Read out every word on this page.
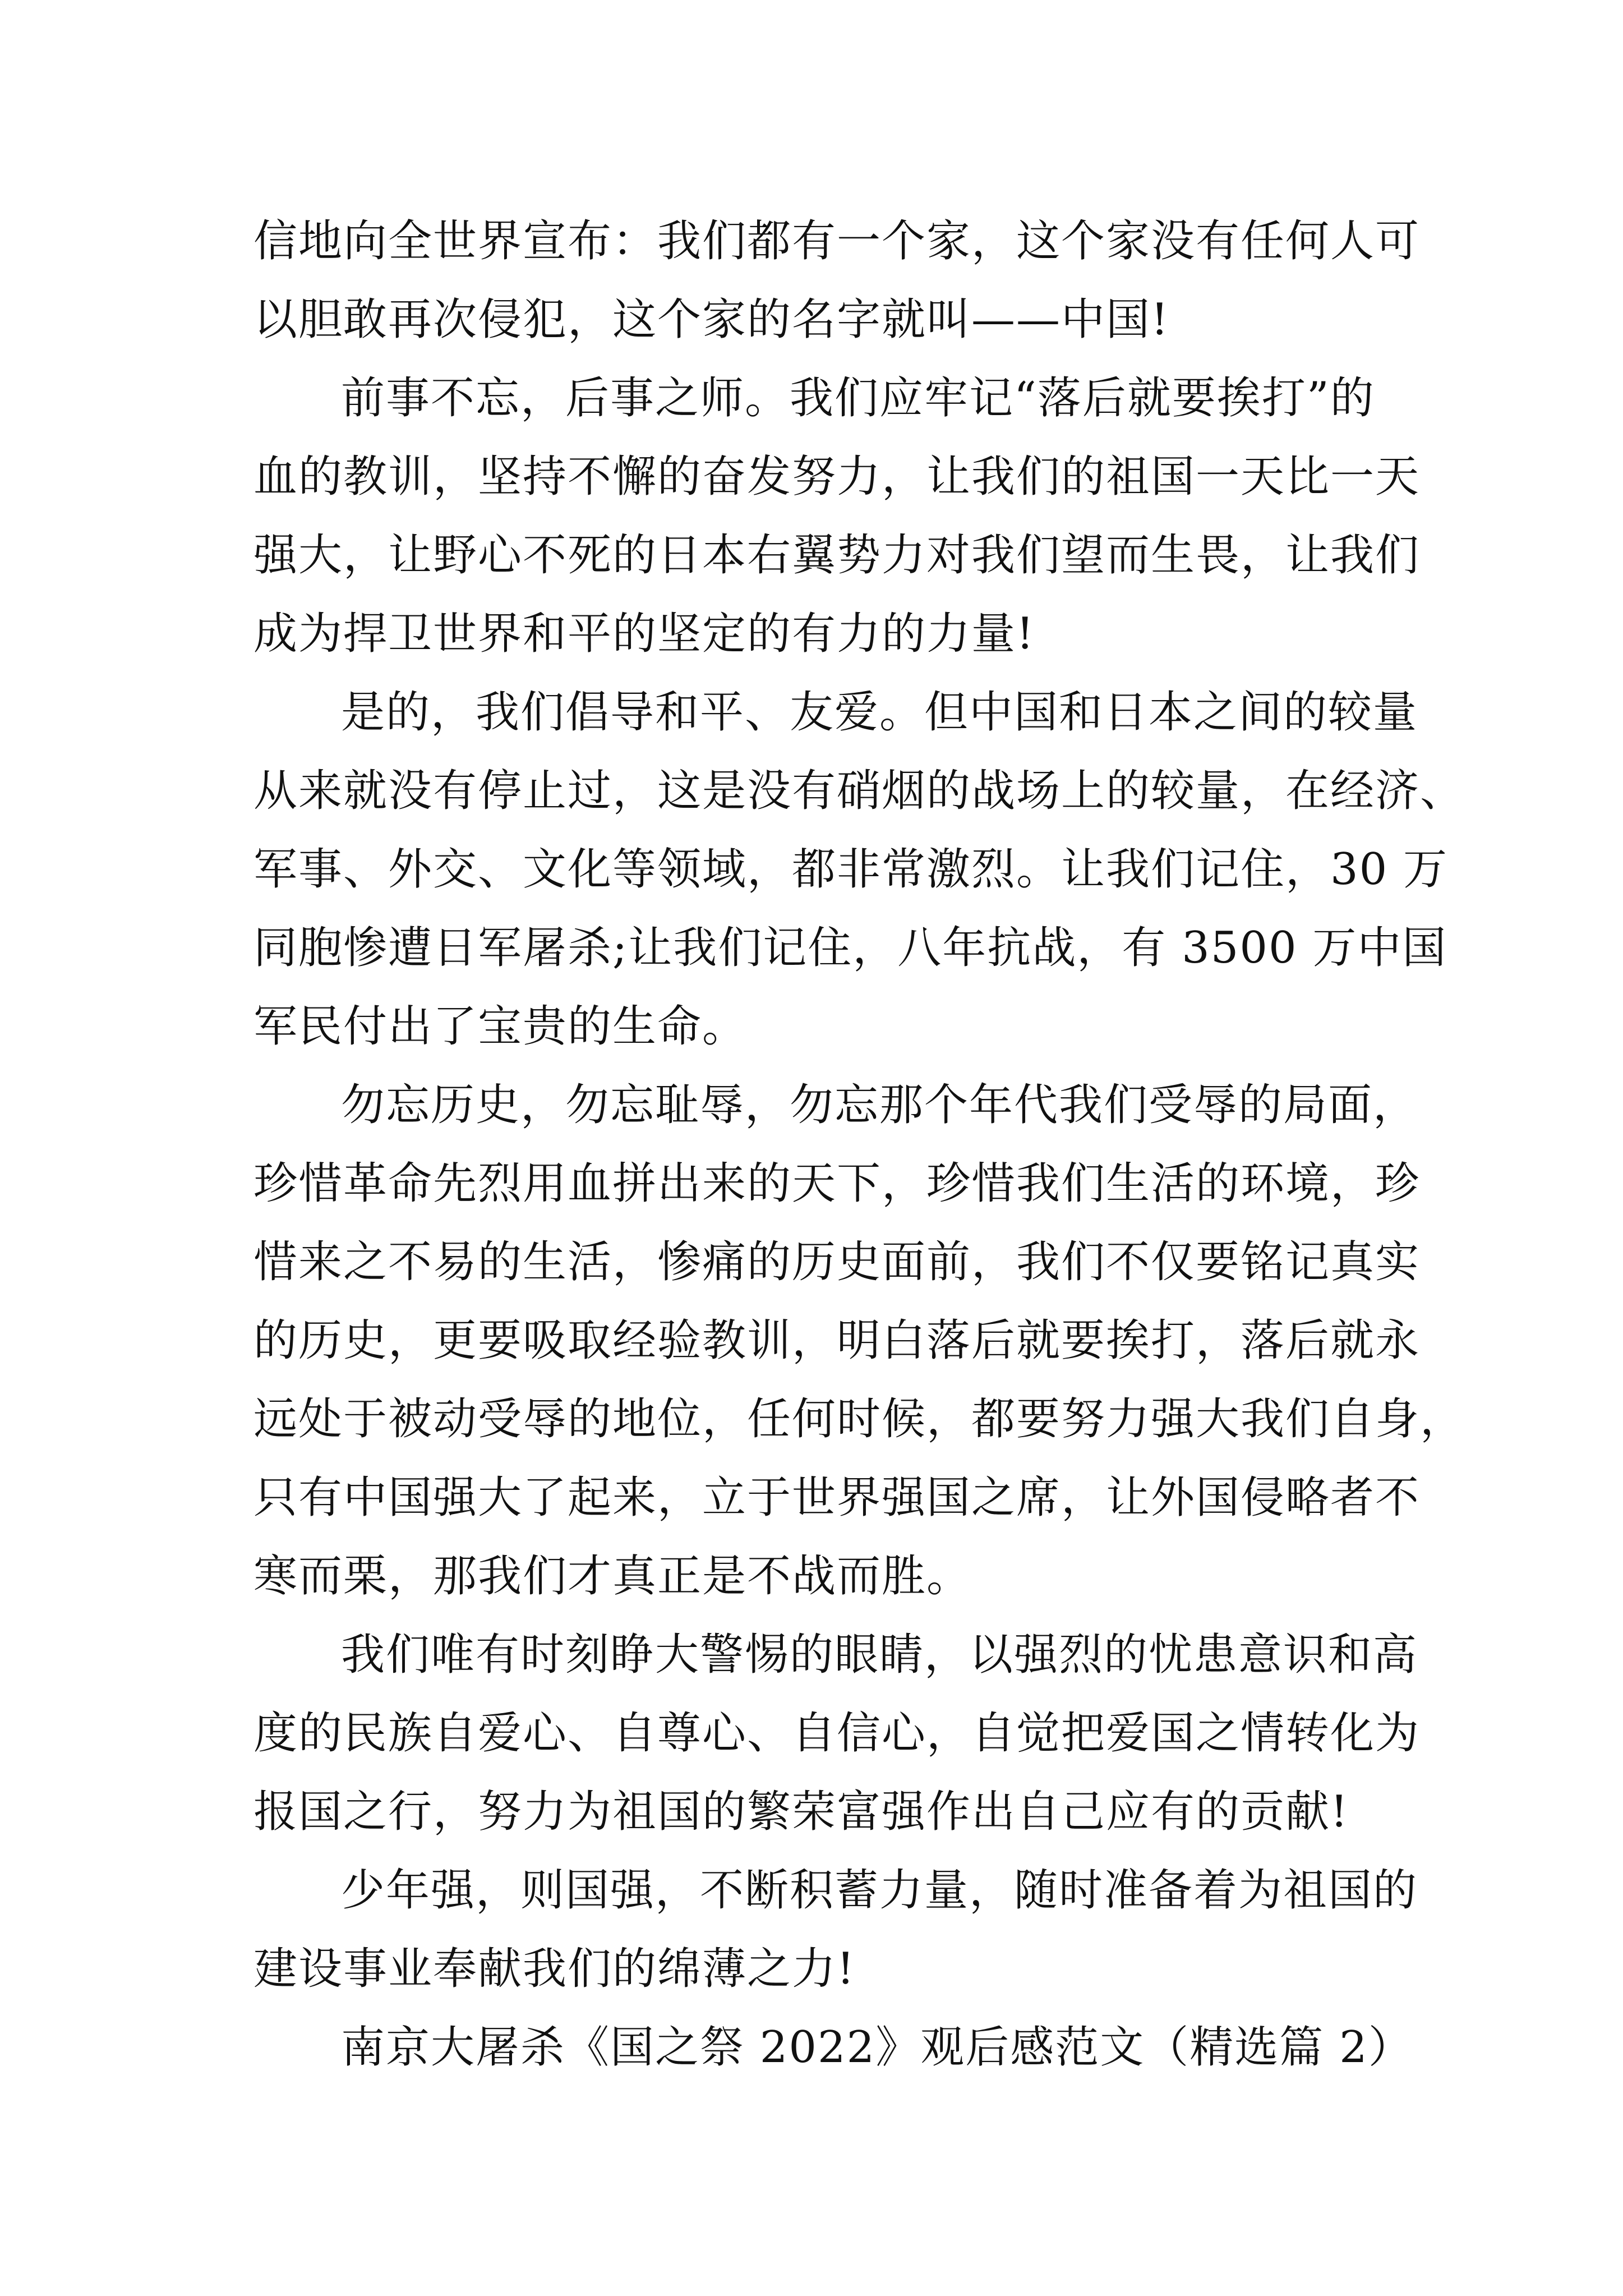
信地向全世界宣布：我们都有一个家，这个家没有任何人可
以胆敢再次侵犯，这个家的名字就叫——中国!
前事不忘，后事之师。我们应牢记“落后就要挨打”的
血的教训，坚持不懈的奋发努力，让我们的祖国一天比一天
强大，让野心不死的日本右翼势力对我们望而生畏，让我们
成为捍卫世界和平的坚定的有力的力量!
是的，我们倡导和平、友爱。但中国和日本之间的较量
从来就没有停止过，这是没有硝烟的战场上的较量，在经济、
军事、外交、文化等领域，都非常激烈。让我们记住，30 万
同胞惨遭日军屠杀;让我们记住，八年抗战，有 3500 万中国
军民付出了宝贵的生命。
勿忘历史，勿忘耻辱，勿忘那个年代我们受辱的局面，
珍惜革命先烈用血拼出来的天下，珍惜我们生活的环境，珍
惜来之不易的生活，惨痛的历史面前，我们不仅要铭记真实
的历史，更要吸取经验教训，明白落后就要挨打，落后就永
远处于被动受辱的地位，任何时候，都要努力强大我们自身，
只有中国强大了起来，立于世界强国之席，让外国侵略者不
寒而栗，那我们才真正是不战而胜。
我们唯有时刻睁大警惕的眼睛，以强烈的忧患意识和高
度的民族自爱心、自尊心、自信心，自觉把爱国之情转化为
报国之行，努力为祖国的繁荣富强作出自己应有的贡献!
少年强，则国强，不断积蓄力量，随时准备着为祖国的
建设事业奉献我们的绵薄之力!
南京大屠杀《国之祭 2022》观后感范文（精选篇 2）
